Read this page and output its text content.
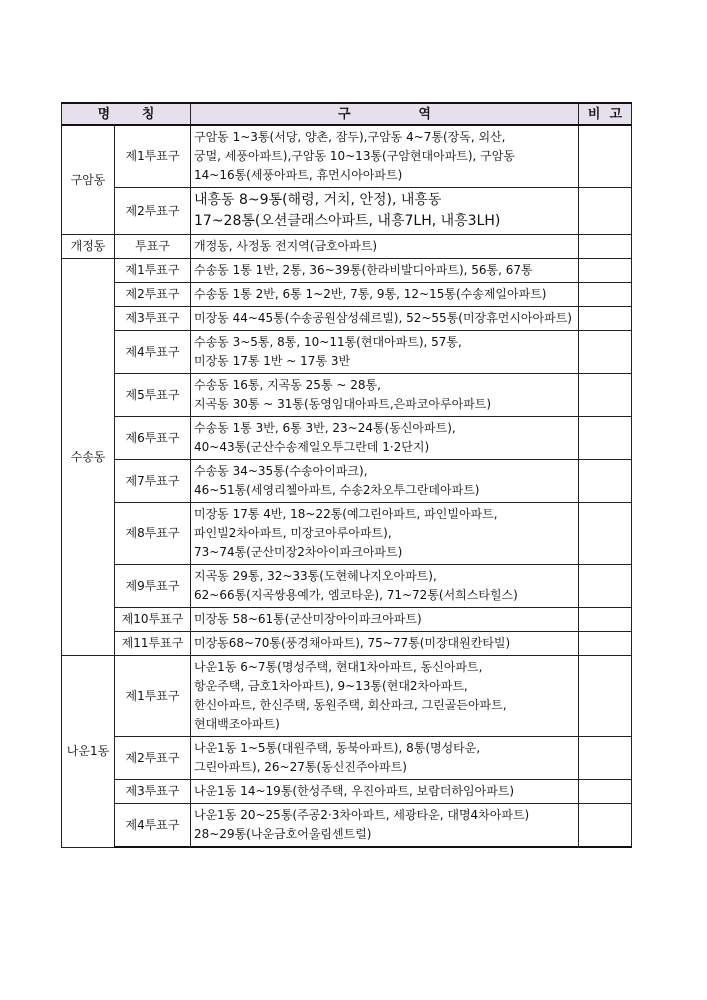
명       칭		구               역	비  고
구암동	제1투표구	구암동 1~3통(서당, 양촌, 잠두),구암동 4~7통(장독, 외산,
궁멀, 세풍아파트),구암동 10~13통(구암현대아파트), 구암동
14~16통(세풍아파트, 휴먼시아아파트)	

	제2투표구	내흥동 8~9통(해령, 거치, 안정), 내흥동
17~28통(오션클래스아파트, 내흥7LH, 내흥3LH)	

개정동	투표구	개정동, 사정동 전지역(금호아파트)	

수송동	제1투표구	수송동 1통 1반, 2통, 36~39통(한라비발디아파트), 56통, 67통	

	제2투표구	수송동 1통 2반, 6통 1~2반, 7통, 9통, 12~15통(수송제일아파트)	

	제3투표구	미장동 44~45통(수송공원삼성쉐르빌), 52~55통(미장휴먼시아아파트)	

	제4투표구	수송동 3~5통, 8통, 10~11통(현대아파트), 57통,
미장동 17통 1반 ~ 17통 3반	

	제5투표구	수송동 16통, 지곡동 25통 ~ 28통,
지곡동 30통 ~ 31통(동영임대아파트,은파코아루아파트)	

	제6투표구	수송동 1통 3반, 6통 3반, 23~24통(동신아파트),
40~43통(군산수송제일오투그란데 1·2단지)	

	제7투표구	수송동 34~35통(수송아이파크),
46~51통(세영리첼아파트, 수송2차오투그란데아파트)	

	제8투표구	미장동 17통 4반, 18~22통(예그린아파트, 파인빌아파트,
파인빌2차아파트, 미장코아루아파트),
73~74통(군산미장2차아이파크아파트)	

	제9투표구	지곡동 29통, 32~33통(도현헤나지오아파트),
62~66통(지곡쌍용예가, 엠코타운), 71~72통(서희스타힐스)	

	제10투표구	미장동 58~61통(군산미장아이파크아파트)	

	제11투표구	미장동68~70통(풍경채아파트), 75~77통(미장대원칸타빌)	

나운1동	제1투표구	나운1동 6~7통(명성주택, 현대1차아파트, 동신아파트,
항운주택, 금호1차아파트), 9~13통(현대2차아파트,
한신아파트, 한신주택, 동원주택, 회산파크, 그린골든아파트,
현대백조아파트)	

	제2투표구	나운1동 1~5통(대원주택, 동북아파트), 8통(명성타운,
그린아파트), 26~27통(동신진주아파트)	

	제3투표구	나운1동 14~19통(한성주택, 우진아파트, 보람더하임아파트)	

	제4투표구	나운1동 20~25통(주공2·3차아파트, 세광타운, 대명4차아파트)
28~29통(나운금호어울림센트럴)	
